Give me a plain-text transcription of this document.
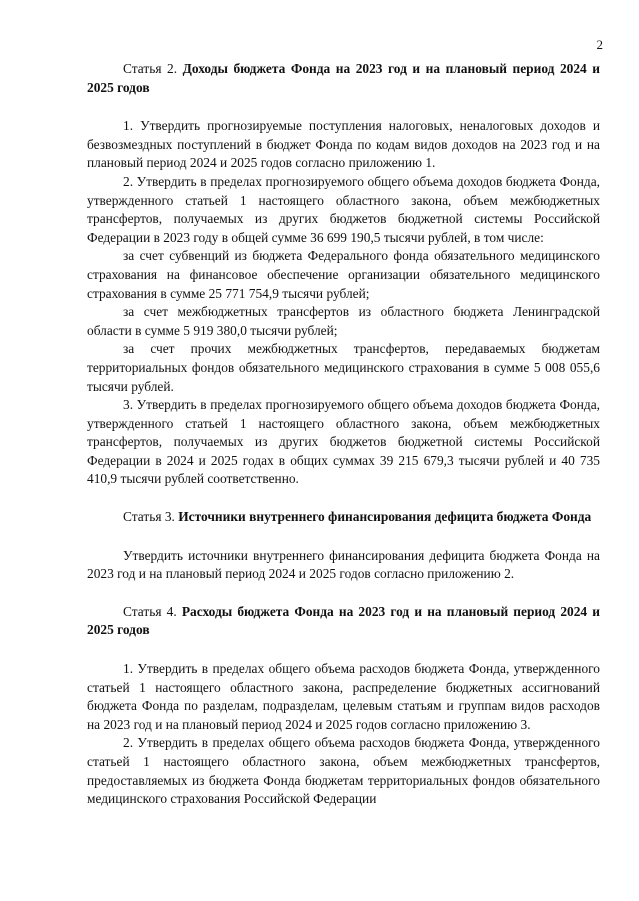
2

Статья 2. Доходы бюджета Фонда на 2023 год и на плановый период 2024 и 2025 годов

1. Утвердить прогнозируемые поступления налоговых, неналоговых доходов и безвозмездных поступлений в бюджет Фонда по кодам видов доходов на 2023 год и на плановый период 2024 и 2025 годов согласно приложению 1.

2. Утвердить в пределах прогнозируемого общего объема доходов бюджета Фонда, утвержденного статьей 1 настоящего областного закона, объем межбюджетных трансфертов, получаемых из других бюджетов бюджетной системы Российской Федерации в 2023 году в общей сумме 36 699 190,5 тысячи рублей, в том числе:

за счет субвенций из бюджета Федерального фонда обязательного медицинского страхования на финансовое обеспечение организации обязательного медицинского страхования в сумме 25 771 754,9 тысячи рублей;

за счет межбюджетных трансфертов из областного бюджета Ленинградской области в сумме 5 919 380,0 тысячи рублей;

за счет прочих межбюджетных трансфертов, передаваемых бюджетам территориальных фондов обязательного медицинского страхования в сумме 5 008 055,6 тысячи рублей.

3. Утвердить в пределах прогнозируемого общего объема доходов бюджета Фонда, утвержденного статьей 1 настоящего областного закона, объем межбюджетных трансфертов, получаемых из других бюджетов бюджетной системы Российской Федерации в 2024 и 2025 годах в общих суммах 39 215 679,3 тысячи рублей и 40 735 410,9 тысячи рублей соответственно.

Статья 3. Источники внутреннего финансирования дефицита бюджета Фонда

Утвердить источники внутреннего финансирования дефицита бюджета Фонда на 2023 год и на плановый период 2024 и 2025 годов согласно приложению 2.

Статья 4. Расходы бюджета Фонда на 2023 год и на плановый период 2024 и 2025 годов

1. Утвердить в пределах общего объема расходов бюджета Фонда, утвержденного статьей 1 настоящего областного закона, распределение бюджетных ассигнований бюджета Фонда по разделам, подразделам, целевым статьям и группам видов расходов на 2023 год и на плановый период 2024 и 2025 годов согласно приложению 3.

2. Утвердить в пределах общего объема расходов бюджета Фонда, утвержденного статьей 1 настоящего областного закона, объем межбюджетных трансфертов, предоставляемых из бюджета Фонда бюджетам территориальных фондов обязательного медицинского страхования Российской Федерации
